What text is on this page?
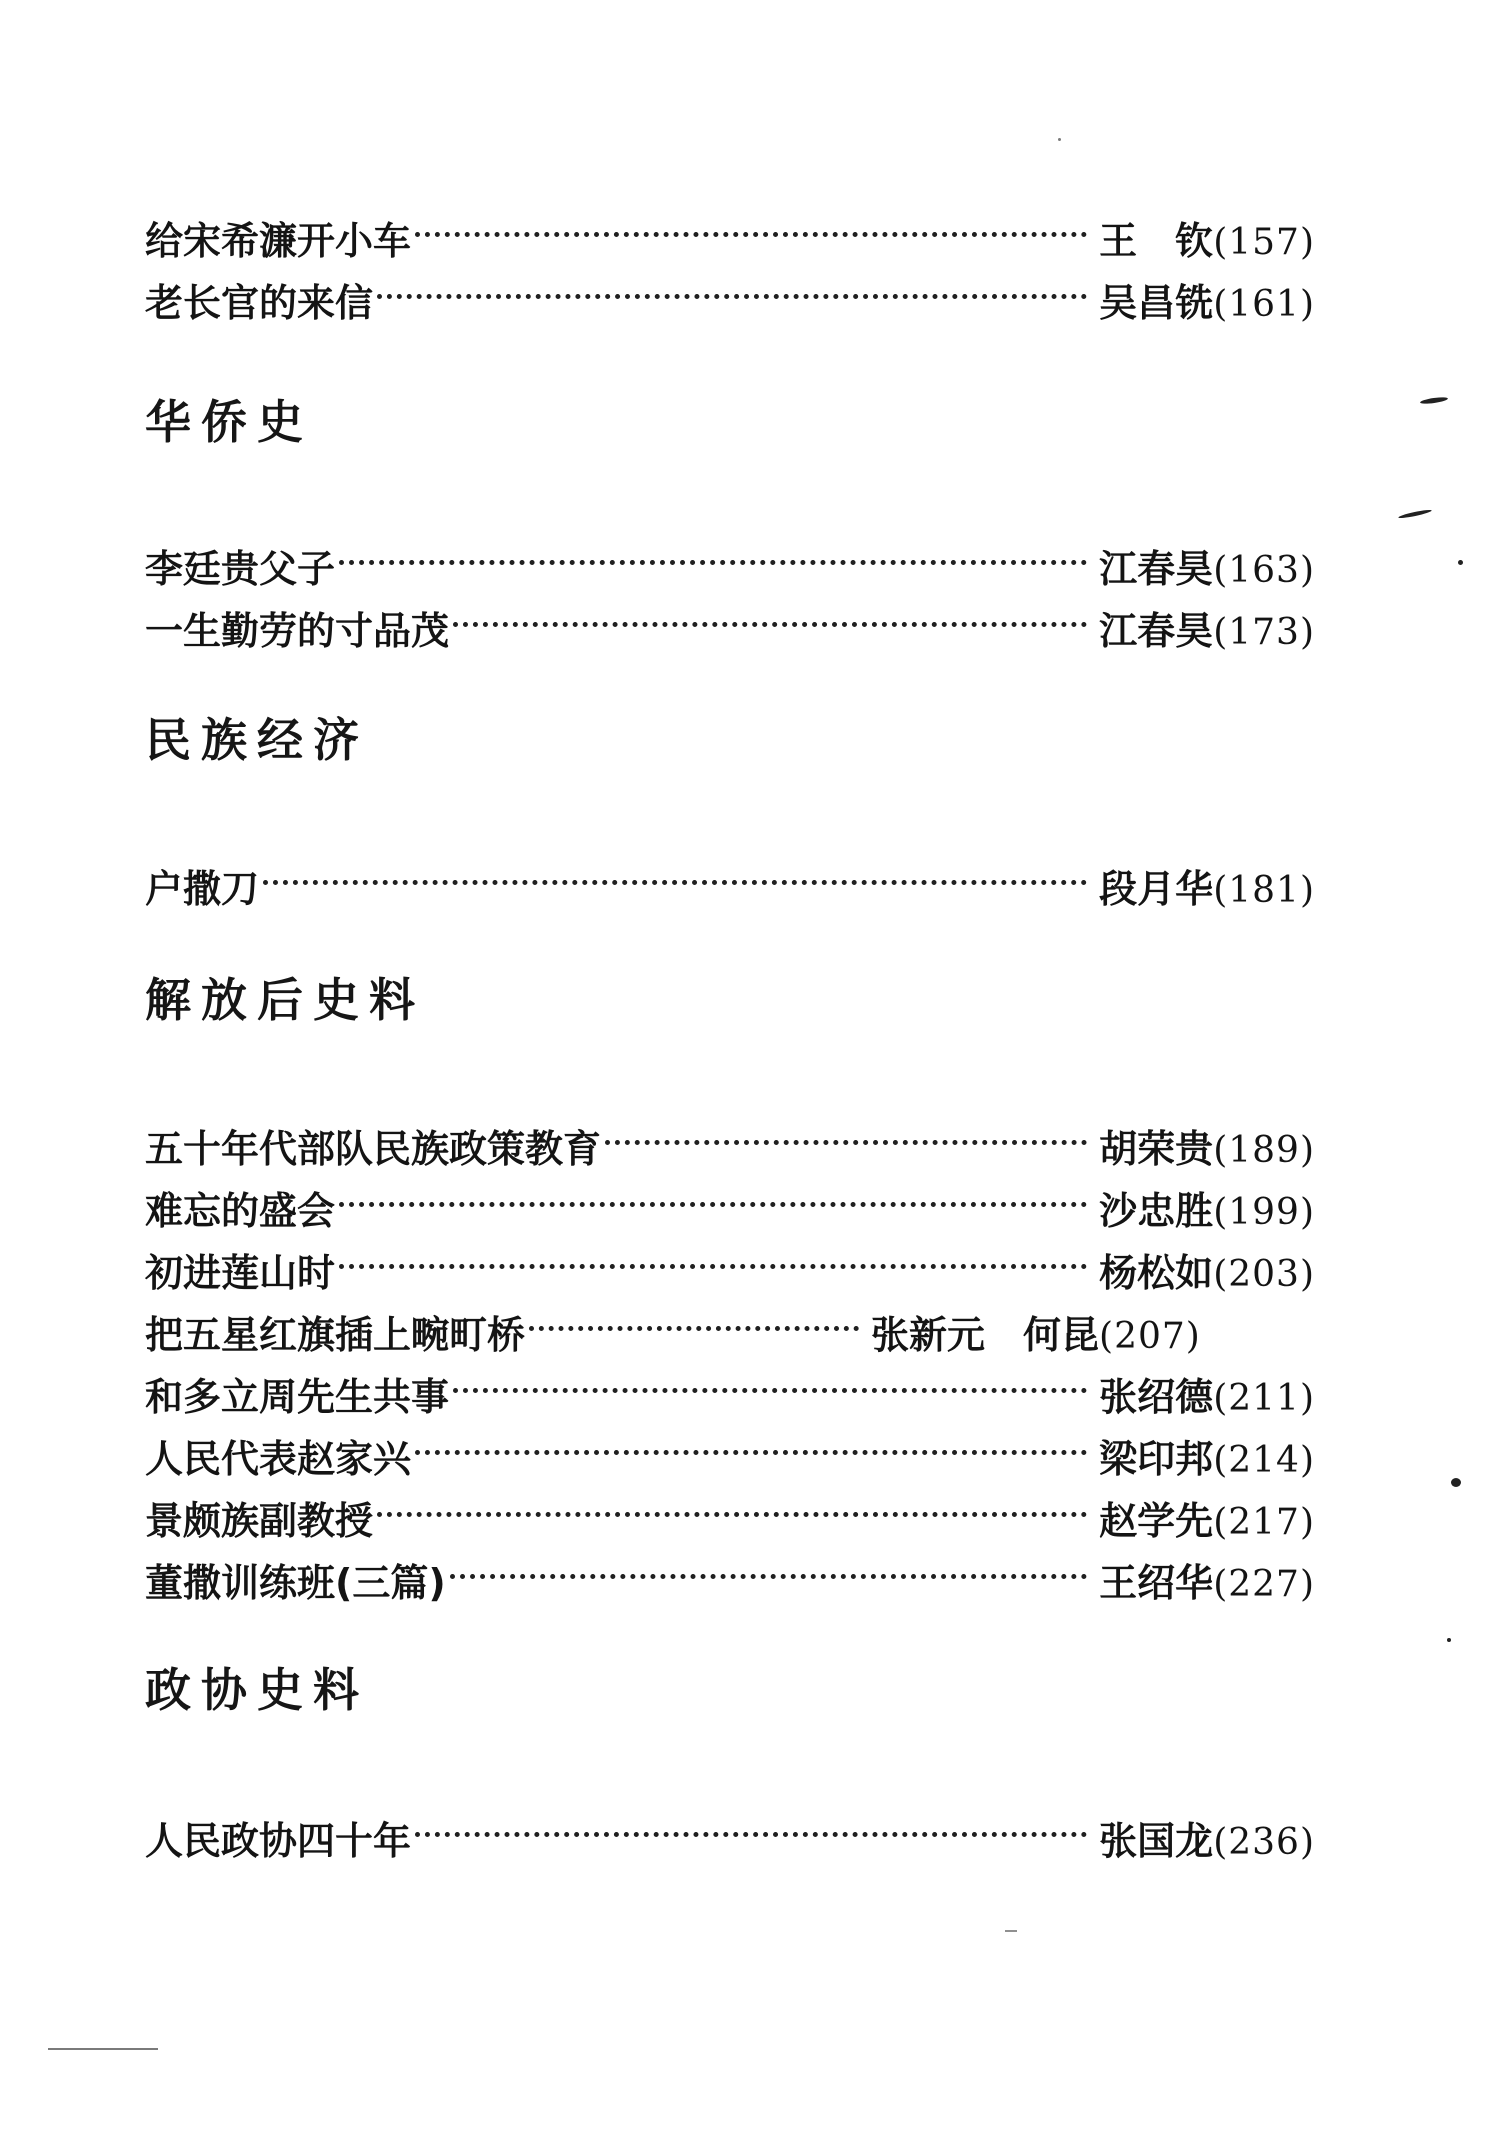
给宋希濂开小车	王　钦 (157)
老长官的来信	吴昌铣 (161)
华侨史
李廷贵父子	江春昊 (163)
一生勤劳的寸品茂	江春昊 (173)
民族经济
户撒刀	段月华 (181)
解放后史料
五十年代部队民族政策教育	胡荣贵 (189)
难忘的盛会	沙忠胜 (199)
初进莲山时	杨松如 (203)
把五星红旗插上畹町桥	张新元　何昆 (207)
和多立周先生共事	张绍德 (211)
人民代表赵家兴	梁印邦 (214)
景颇族副教授	赵学先 (217)
董撒训练班(三篇)	王绍华 (227)
政协史料
人民政协四十年	张国龙 (236)
